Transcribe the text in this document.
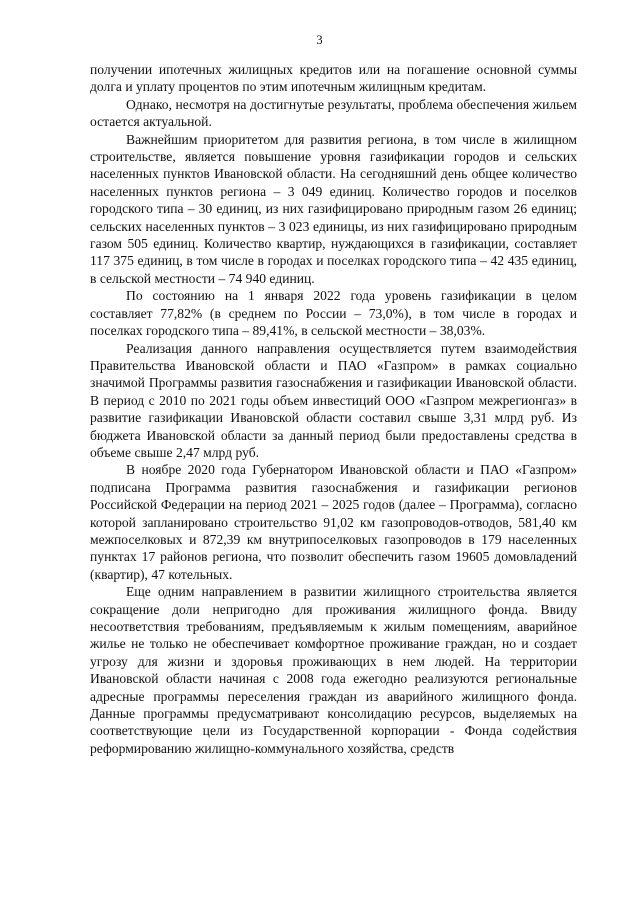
3

получении ипотечных жилищных кредитов или на погашение основной суммы долга и уплату процентов по этим ипотечным жилищным кредитам.

Однако, несмотря на достигнутые результаты, проблема обеспечения жильем остается актуальной.

Важнейшим приоритетом для развития региона, в том числе в жилищном строительстве, является повышение уровня газификации городов и сельских населенных пунктов Ивановской области. На сегодняшний день общее количество населенных пунктов региона – 3 049 единиц. Количество городов и поселков городского типа – 30 единиц, из них газифицировано природным газом 26 единиц; сельских населенных пунктов – 3 023 единицы, из них газифицировано природным газом 505 единиц. Количество квартир, нуждающихся в газификации, составляет 117 375 единиц, в том числе в городах и поселках городского типа – 42 435 единиц, в сельской местности – 74 940 единиц.

По состоянию на 1 января 2022 года уровень газификации в целом составляет 77,82% (в среднем по России – 73,0%), в том числе в городах и поселках городского типа – 89,41%, в сельской местности – 38,03%.

Реализация данного направления осуществляется путем взаимодействия Правительства Ивановской области и ПАО «Газпром» в рамках социально значимой Программы развития газоснабжения и газификации Ивановской области. В период с 2010 по 2021 годы объем инвестиций ООО «Газпром межрегионгаз» в развитие газификации Ивановской области составил свыше 3,31 млрд руб. Из бюджета Ивановской области за данный период были предоставлены средства в объеме свыше 2,47 млрд руб.

В ноябре 2020 года Губернатором Ивановской области и ПАО «Газпром» подписана Программа развития газоснабжения и газификации регионов Российской Федерации на период 2021 – 2025 годов (далее – Программа), согласно которой запланировано строительство 91,02 км газопроводов-отводов, 581,40 км межпоселковых и 872,39 км внутрипоселковых газопроводов в 179 населенных пунктах 17 районов региона, что позволит обеспечить газом 19605 домовладений (квартир), 47 котельных.

Еще одним направлением в развитии жилищного строительства является сокращение доли непригодно для проживания жилищного фонда. Ввиду несоответствия требованиям, предъявляемым к жилым помещениям, аварийное жилье не только не обеспечивает комфортное проживание граждан, но и создает угрозу для жизни и здоровья проживающих в нем людей. На территории Ивановской области начиная с 2008 года ежегодно реализуются региональные адресные программы переселения граждан из аварийного жилищного фонда. Данные программы предусматривают консолидацию ресурсов, выделяемых на соответствующие цели из Государственной корпорации - Фонда содействия реформированию жилищно-коммунального хозяйства, средств
